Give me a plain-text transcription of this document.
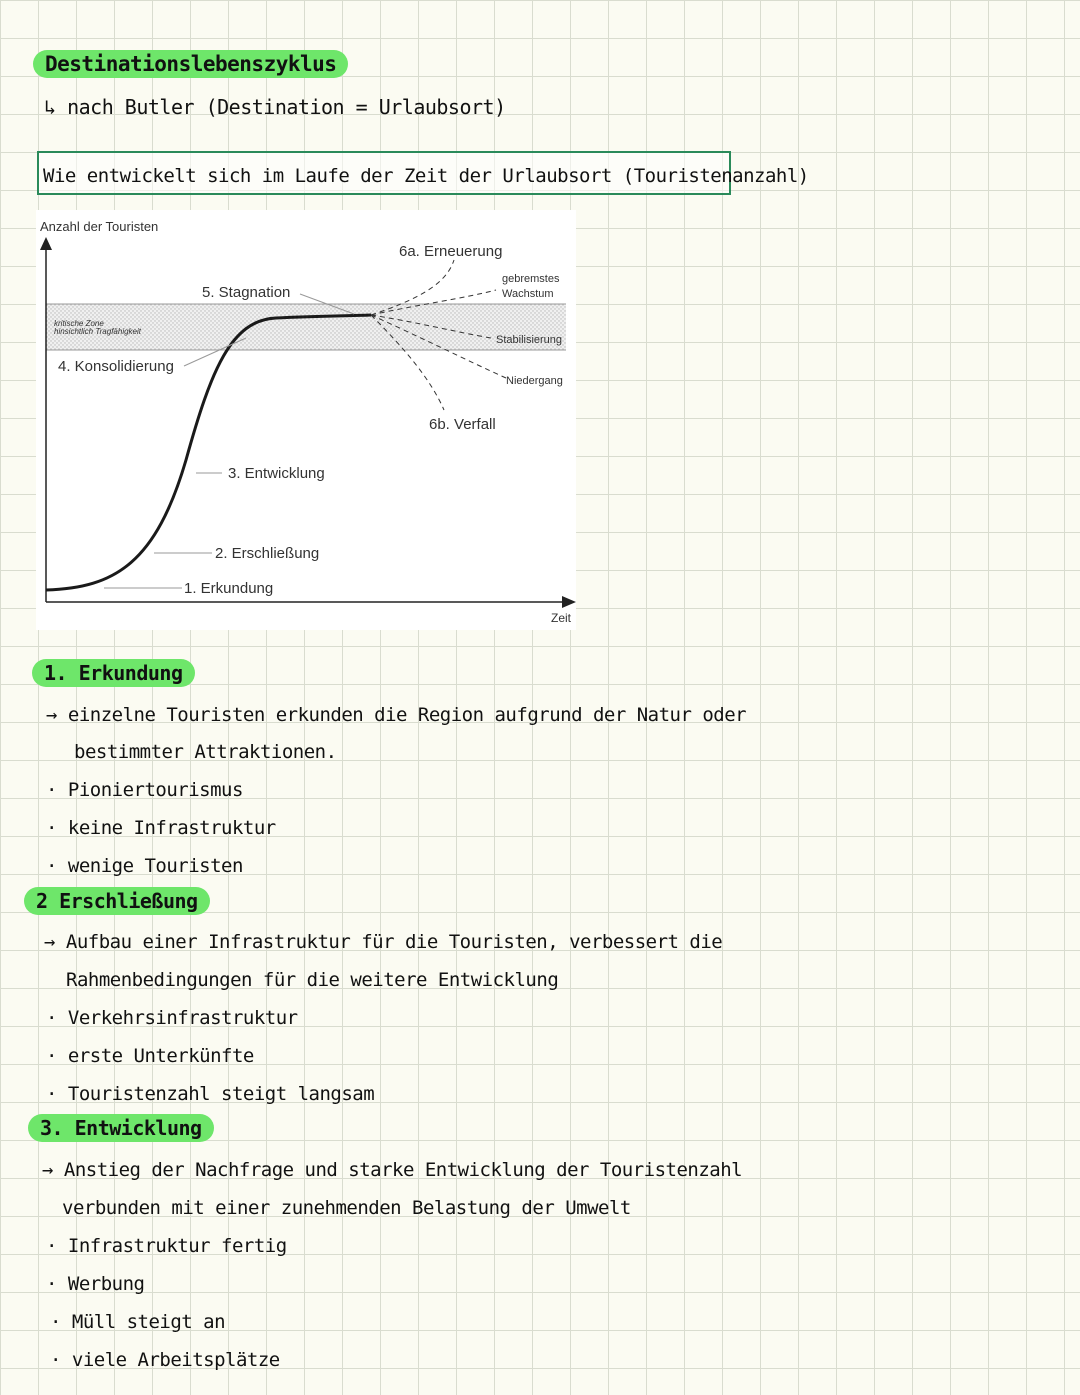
Destinationslebenszyklus
↳ nach Butler (Destination = Urlaubsort)
Wie entwickelt sich im Laufe der Zeit der Urlaubsort (Touristenanzahl)
kritische Zone
hinsichtlich Tragfähigkeit
Anzahl der Touristen
Zeit
1. Erkundung
2. Erschließung
3. Entwicklung
4. Konsolidierung
5. Stagnation
6a. Erneuerung
6b. Verfall
gebremstes
Wachstum
Stabilisierung
Niedergang
1. Erkundung
→ einzelne Touristen erkunden die Region aufgrund der Natur oder
bestimmter Attraktionen.
· Pioniertourismus
· keine Infrastruktur
· wenige Touristen
2 Erschließung
→ Aufbau einer Infrastruktur für die Touristen, verbessert die
Rahmenbedingungen für die weitere Entwicklung
· Verkehrsinfrastruktur
· erste Unterkünfte
· Touristenzahl steigt langsam
3. Entwicklung
→ Anstieg der Nachfrage und starke Entwicklung der Touristenzahl
verbunden mit einer zunehmenden Belastung der Umwelt
· Infrastruktur fertig
· Werbung
· Müll steigt an
· viele Arbeitsplätze
